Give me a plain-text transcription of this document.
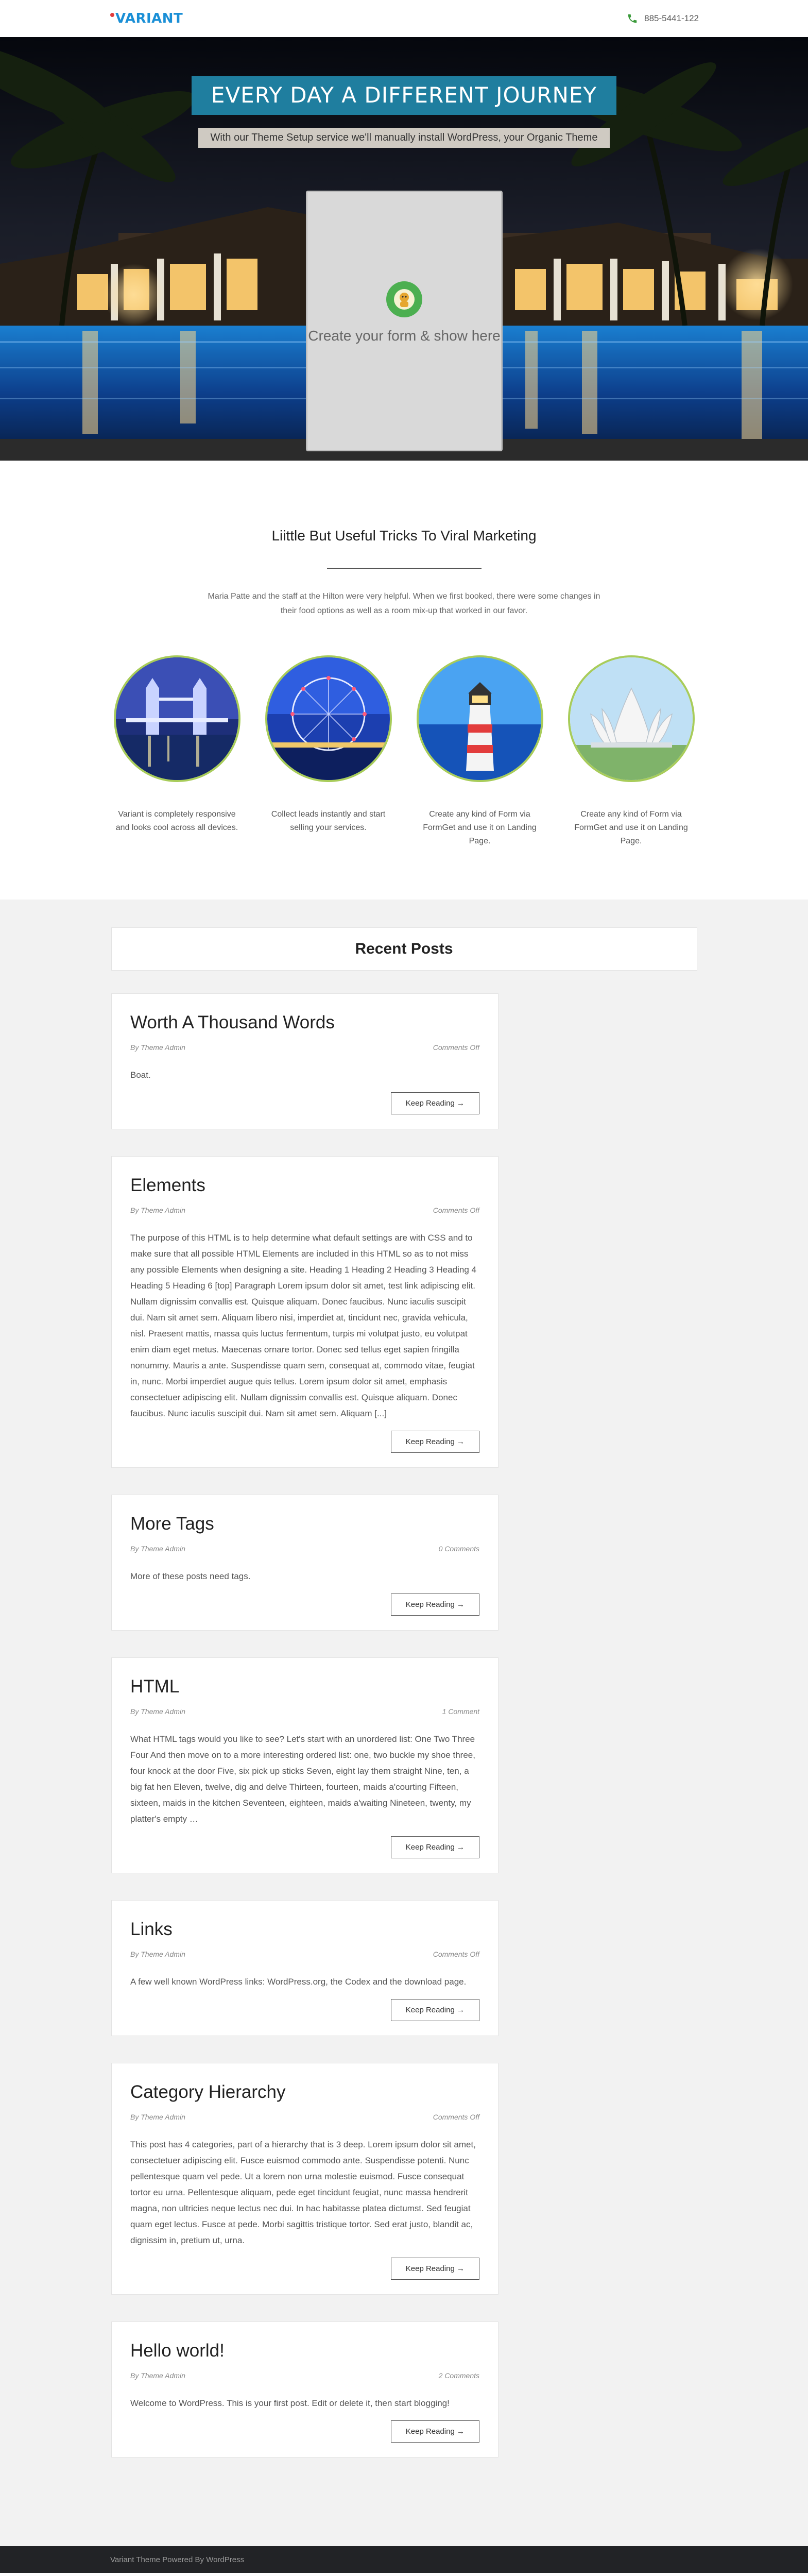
VARIANT	885-5441-122
EVERY DAY A DIFFERENT JOURNEY

With our Theme Setup service we'll manually install WordPress, your Organic Theme

Create your form & show here

Liittle But Useful Tricks To Viral Marketing

Maria Patte and the staff at the Hilton were very helpful. When we first booked, there were some changes in their food options as well as a room mix-up that worked in our favor.

Variant is completely responsive and looks cool across all devices.

Collect leads instantly and start selling your services.

Create any kind of Form via FormGet and use it on Landing Page.

Create any kind of Form via FormGet and use it on Landing Page.

Recent Posts
Worth A Thousand Words
By Theme Admin	Comments Off

Boat.

Keep Reading →
Elements
By Theme Admin	Comments Off

The purpose of this HTML is to help determine what default settings are with CSS and to make sure that all possible HTML Elements are included in this HTML so as to not miss any possible Elements when designing a site. Heading 1 Heading 2 Heading 3 Heading 4 Heading 5 Heading 6 [top] Paragraph Lorem ipsum dolor sit amet, test link adipiscing elit. Nullam dignissim convallis est. Quisque aliquam. Donec faucibus. Nunc iaculis suscipit dui. Nam sit amet sem. Aliquam libero nisi, imperdiet at, tincidunt nec, gravida vehicula, nisl. Praesent mattis, massa quis luctus fermentum, turpis mi volutpat justo, eu volutpat enim diam eget metus. Maecenas ornare tortor. Donec sed tellus eget sapien fringilla nonummy. Mauris a ante. Suspendisse quam sem, consequat at, commodo vitae, feugiat in, nunc. Morbi imperdiet augue quis tellus. Lorem ipsum dolor sit amet, emphasis consectetuer adipiscing elit. Nullam dignissim convallis est. Quisque aliquam. Donec faucibus. Nunc iaculis suscipit dui. Nam sit amet sem. Aliquam [...]

Keep Reading →
More Tags
By Theme Admin	0 Comments

More of these posts need tags.

Keep Reading →
HTML
By Theme Admin	1 Comment

What HTML tags would you like to see? Let's start with an unordered list: One Two Three Four And then move on to a more interesting ordered list: one, two buckle my shoe three, four knock at the door Five, six pick up sticks Seven, eight lay them straight Nine, ten, a big fat hen Eleven, twelve, dig and delve Thirteen, fourteen, maids a'courting Fifteen, sixteen, maids in the kitchen Seventeen, eighteen, maids a'waiting Nineteen, twenty, my platter's empty …

Keep Reading →
Links
By Theme Admin	Comments Off

A few well known WordPress links: WordPress.org, the Codex and the download page.

Keep Reading →
Category Hierarchy
By Theme Admin	Comments Off

This post has 4 categories, part of a hierarchy that is 3 deep. Lorem ipsum dolor sit amet, consectetuer adipiscing elit. Fusce euismod commodo ante. Suspendisse potenti. Nunc pellentesque quam vel pede. Ut a lorem non urna molestie euismod. Fusce consequat tortor eu urna. Pellentesque aliquam, pede eget tincidunt feugiat, nunc massa hendrerit magna, non ultricies neque lectus nec dui. In hac habitasse platea dictumst. Sed feugiat quam eget lectus. Fusce at pede. Morbi sagittis tristique tortor. Sed erat justo, blandit ac, dignissim in, pretium ut, urna.

Keep Reading →
Hello world!
By Theme Admin	2 Comments

Welcome to WordPress. This is your first post. Edit or delete it, then start blogging!

Keep Reading →
Variant Theme Powered By WordPress
